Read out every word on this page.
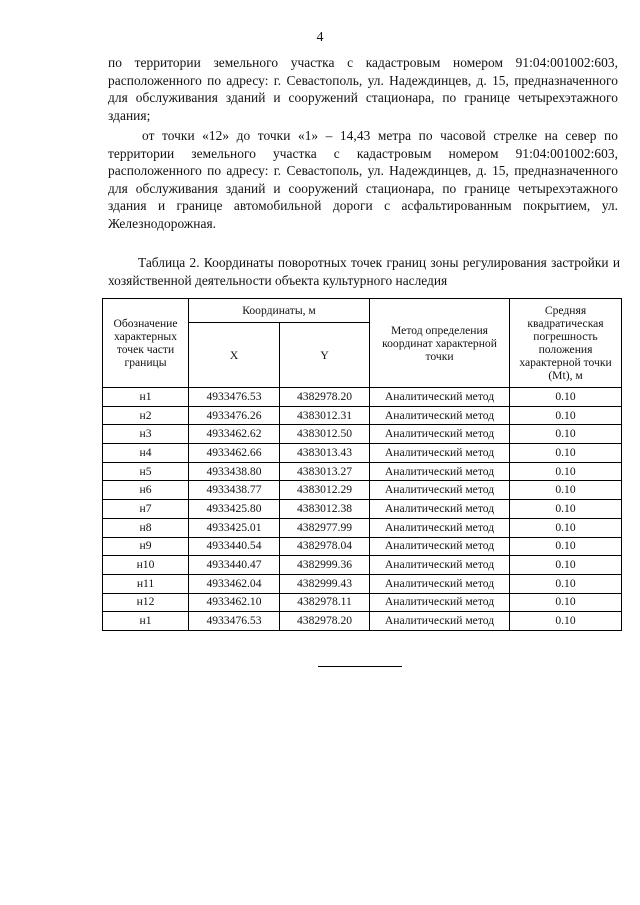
4

по территории земельного участка с кадастровым номером 91:04:001002:603, расположенного по адресу: г. Севастополь, ул. Надеждинцев, д. 15, предназначенного для обслуживания зданий и сооружений стационара, по границе четырехэтажного здания;

от точки «12» до точки «1» – 14,43 метра по часовой стрелке на север по территории земельного участка с кадастровым номером 91:04:001002:603, расположенного по адресу: г. Севастополь, ул. Надеждинцев, д. 15, предназначенного для обслуживания зданий и сооружений стационара, по границе четырехэтажного здания и границе автомобильной дороги с асфальтированным покрытием, ул. Железнодорожная.

Таблица 2. Координаты поворотных точек границ зоны регулирования застройки и хозяйственной деятельности объекта культурного наследия
Обозначение характерных точек части границы	Координаты, м		Метод определения координат характерной точки	Средняя квадратическая погрешность положения характерной точки (Mt), м
	X	Y		
н1	4933476.53	4382978.20	Аналитический метод	0.10
н2	4933476.26	4383012.31	Аналитический метод	0.10
н3	4933462.62	4383012.50	Аналитический метод	0.10
н4	4933462.66	4383013.43	Аналитический метод	0.10
н5	4933438.80	4383013.27	Аналитический метод	0.10
н6	4933438.77	4383012.29	Аналитический метод	0.10
н7	4933425.80	4383012.38	Аналитический метод	0.10
н8	4933425.01	4382977.99	Аналитический метод	0.10
н9	4933440.54	4382978.04	Аналитический метод	0.10
н10	4933440.47	4382999.36	Аналитический метод	0.10
н11	4933462.04	4382999.43	Аналитический метод	0.10
н12	4933462.10	4382978.11	Аналитический метод	0.10
н1	4933476.53	4382978.20	Аналитический метод	0.10
